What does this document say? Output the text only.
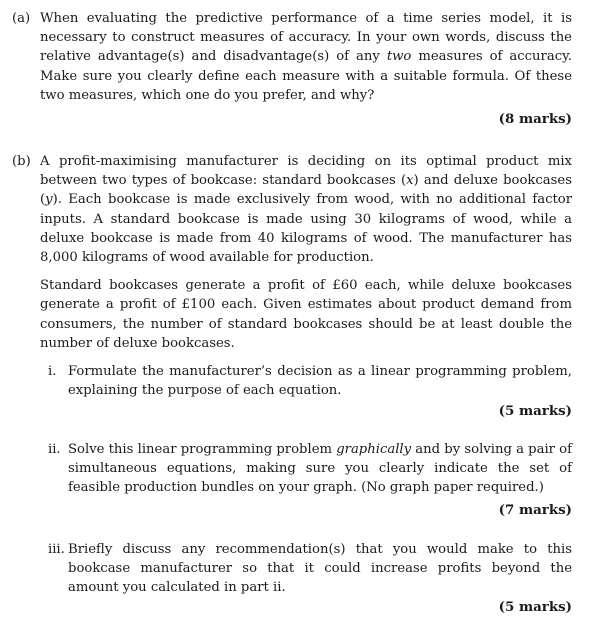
(a) When evaluating the predictive performance of a time series model, it is necessary to construct measures of accuracy. In your own words, discuss the relative advantage(s) and disadvantage(s) of any two measures of accuracy. Make sure you clearly define each measure with a suitable formula. Of these two measures, which one do you prefer, and why?

(8 marks)
(b) A profit-maximising manufacturer is deciding on its optimal product mix between two types of bookcase: standard bookcases (x) and deluxe bookcases (y). Each bookcase is made exclusively from wood, with no additional factor inputs. A standard bookcase is made using 30 kilograms of wood, while a deluxe bookcase is made from 40 kilograms of wood. The manufacturer has 8,000 kilograms of wood available for production.

Standard bookcases generate a profit of £60 each, while deluxe bookcases generate a profit of £100 each. Given estimates about product demand from consumers, the number of standard bookcases should be at least double the number of deluxe bookcases.

i. Formulate the manufacturer’s decision as a linear programming problem, explaining the purpose of each equation.

(5 marks)
ii. Solve this linear programming problem graphically and by solving a pair of simultaneous equations, making sure you clearly indicate the set of feasible production bundles on your graph. (No graph paper required.)

(7 marks)
iii. Briefly discuss any recommendation(s) that you would make to this bookcase manufacturer so that it could increase profits beyond the amount you calculated in part ii.

(5 marks)
